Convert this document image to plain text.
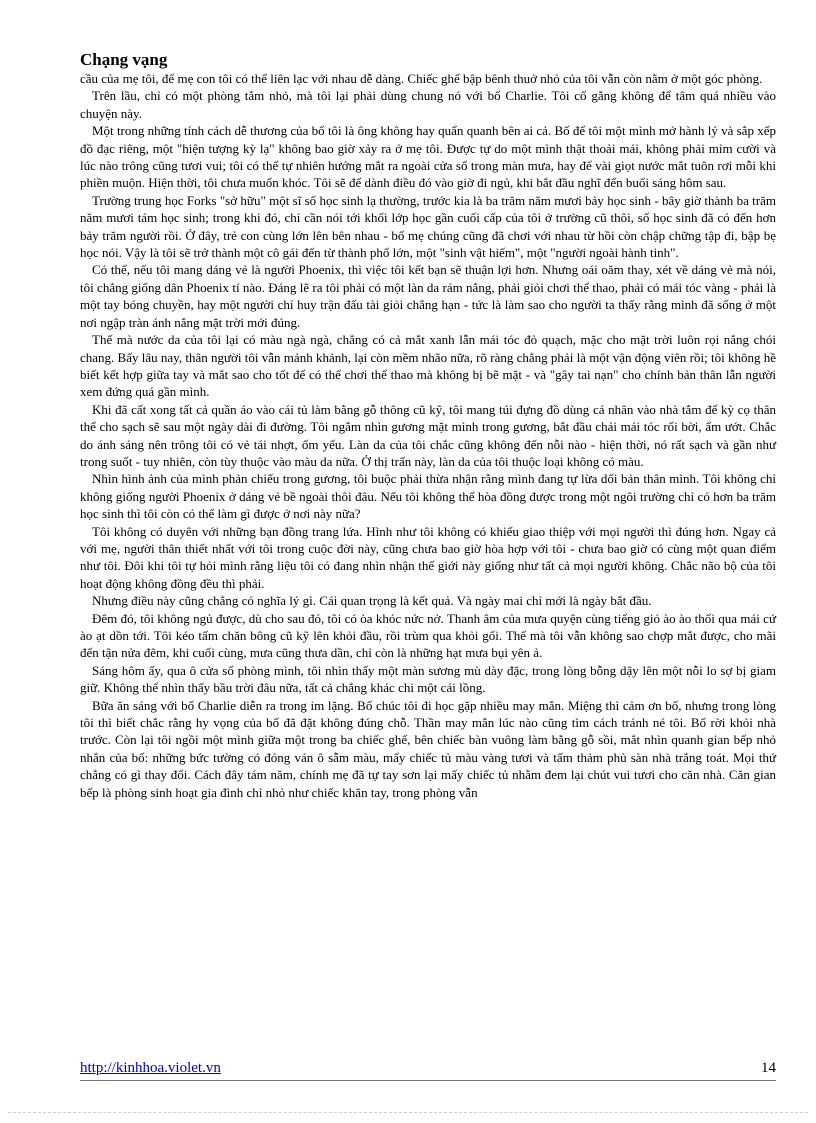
Chạng vạng

cầu của mẹ tôi, để mẹ con tôi có thể liên lạc với nhau dễ dàng. Chiếc ghế bập bênh thuở nhỏ của tôi vẫn còn nằm ở một góc phòng.

Trên lầu, chỉ có một phòng tắm nhỏ, mà tôi lại phải dùng chung nó với bố Charlie. Tôi cố gắng không để tâm quá nhiều vào chuyện này.

Một trong những tính cách dễ thương của bố tôi là ông không hay quẩn quanh bên ai cả. Bố để tôi một mình mở hành lý và sắp xếp đồ đạc riêng, một "hiện tượng kỳ lạ" không bao giờ xảy ra ở mẹ tôi. Được tự do một mình thật thoải mái, không phải mỉm cười và lúc nào trông cũng tươi vui; tôi có thể tự nhiên hướng mắt ra ngoài cửa sổ trong màn mưa, hay để vài giọt nước mắt tuôn rơi mỗi khi phiền muộn. Hiện thời, tôi chưa muốn khóc. Tôi sẽ để dành điều đó vào giờ đi ngủ, khi bắt đầu nghĩ đến buổi sáng hôm sau.

Trường trung học Forks "sở hữu" một sĩ số học sinh lạ thường, trước kia là ba trăm năm mươi bảy học sinh - bây giờ thành ba trăm năm mươi tám học sinh; trong khi đó, chỉ cần nói tới khối lớp học gần cuối cấp của tôi ở trường cũ thôi, số học sinh đã có đến hơn bảy trăm người rồi. Ở đây, trẻ con cùng lớn lên bên nhau - bố mẹ chúng cũng đã chơi với nhau từ hồi còn chập chững tập đi, bập bẹ học nói. Vậy là tôi sẽ trở thành một cô gái đến từ thành phố lớn, một "sinh vật hiếm", một "người ngoài hành tinh".

Có thể, nếu tôi mang dáng vẻ là người Phoenix, thì việc tôi kết bạn sẽ thuận lợi hơn. Nhưng oái oăm thay, xét về dáng vẻ mà nói, tôi chẳng giống dân Phoenix tí nào. Đáng lẽ ra tôi phải có một làn da rám nắng, phải giỏi chơi thể thao, phải có mái tóc vàng - phải là một tay bóng chuyền, hay một người chỉ huy trận đấu tài giỏi chẳng hạn - tức là làm sao cho người ta thấy rằng mình đã sống ở một nơi ngập tràn ánh nắng mặt trời mới đúng.

Thế mà nước da của tôi lại có màu ngà ngà, chẳng có cả mắt xanh lẫn mái tóc đỏ quạch, mặc cho mặt trời luôn rọi nắng chói chang. Bấy lâu nay, thân người tôi vẫn mảnh khảnh, lại còn mềm nhão nữa, rõ ràng chẳng phải là một vận động viên rồi; tôi không hề biết kết hợp giữa tay và mắt sao cho tốt để có thể chơi thể thao mà không bị bẽ mặt - và "gây tai nạn" cho chính bản thân lẫn người xem đứng quá gần mình.

Khi đã cất xong tất cả quần áo vào cái tủ làm bằng gỗ thông cũ kỹ, tôi mang túi đựng đồ dùng cá nhân vào nhà tắm để kỳ cọ thân thể cho sạch sẽ sau một ngày dài đi đường. Tôi ngắm nhìn gương mặt mình trong gương, bắt đầu chải mái tóc rối bời, ẩm ướt. Chắc do ánh sáng nên trông tôi có vẻ tái nhợt, ốm yếu. Làn da của tôi chắc cũng không đến nỗi nào - hiện thời, nó rất sạch và gần như trong suốt - tuy nhiên, còn tùy thuộc vào màu da nữa. Ở thị trấn này, làn da của tôi thuộc loại không có màu.

Nhìn hình ảnh của mình phản chiếu trong gương, tôi buộc phải thừa nhận rằng mình đang tự lừa dối bản thân mình. Tôi không chỉ không giống người Phoenix ở dáng vẻ bề ngoài thôi đâu. Nếu tôi không thể hòa đồng được trong một ngôi trường chỉ có hơn ba trăm học sinh thì tôi còn có thể làm gì được ở nơi này nữa?

Tôi không có duyên với những bạn đồng trang lứa. Hình như tôi không có khiếu giao thiệp với mọi người thì đúng hơn. Ngay cả với mẹ, người thân thiết nhất với tôi trong cuộc đời này, cũng chưa bao giờ hòa hợp với tôi - chưa bao giờ có cùng một quan điểm như tôi. Đôi khi tôi tự hỏi mình rằng liệu tôi có đang nhìn nhận thế giới này giống như tất cả mọi người không. Chắc não bộ của tôi hoạt động không đồng đều thì phải.

Nhưng điều này cũng chẳng có nghĩa lý gì. Cái quan trọng là kết quả. Và ngày mai chỉ mới là ngày bắt đầu.

Đêm đó, tôi không ngủ được, dù cho sau đó, tôi có òa khóc nức nở. Thanh âm của mưa quyện cùng tiếng gió ào ào thổi qua mái cứ ào ạt dồn tới. Tôi kéo tấm chăn bông cũ kỹ lên khỏi đầu, rồi trùm qua khỏi gối. Thế mà tôi vẫn không sao chợp mắt được, cho mãi đến tận nửa đêm, khi cuối cùng, mưa cũng thưa dần, chỉ còn là những hạt mưa bụi yên ả.

Sáng hôm ấy, qua ô cửa sổ phòng mình, tôi nhìn thấy một màn sương mù dày đặc, trong lòng bỗng dậy lên một nỗi lo sợ bị giam giữ. Không thể nhìn thấy bầu trời đâu nữa, tất cả chẳng khác chi một cái lồng.

Bữa ăn sáng với bố Charlie diễn ra trong im lặng. Bố chúc tôi đi học gặp nhiều may mắn. Miệng thì cảm ơn bố, nhưng trong lòng tôi thì biết chắc rằng hy vọng của bố đã đặt không đúng chỗ. Thần may mắn lúc nào cũng tìm cách tránh né tôi. Bố rời khỏi nhà trước. Còn lại tôi ngồi một mình giữa một trong ba chiếc ghế, bên chiếc bàn vuông làm bằng gỗ sồi, mắt nhìn quanh gian bếp nhỏ nhắn của bố: những bức tường có đóng ván ô sẫm màu, mấy chiếc tủ màu vàng tươi và tấm thảm phủ sàn nhà trắng toát. Mọi thứ chẳng có gì thay đổi. Cách đây tám năm, chính mẹ đã tự tay sơn lại mấy chiếc tủ nhằm đem lại chút vui tươi cho căn nhà. Căn gian bếp là phòng sinh hoạt gia đình chỉ nhỏ như chiếc khăn tay, trong phòng vẫn

http://kinhhoa.violet.vn	14
